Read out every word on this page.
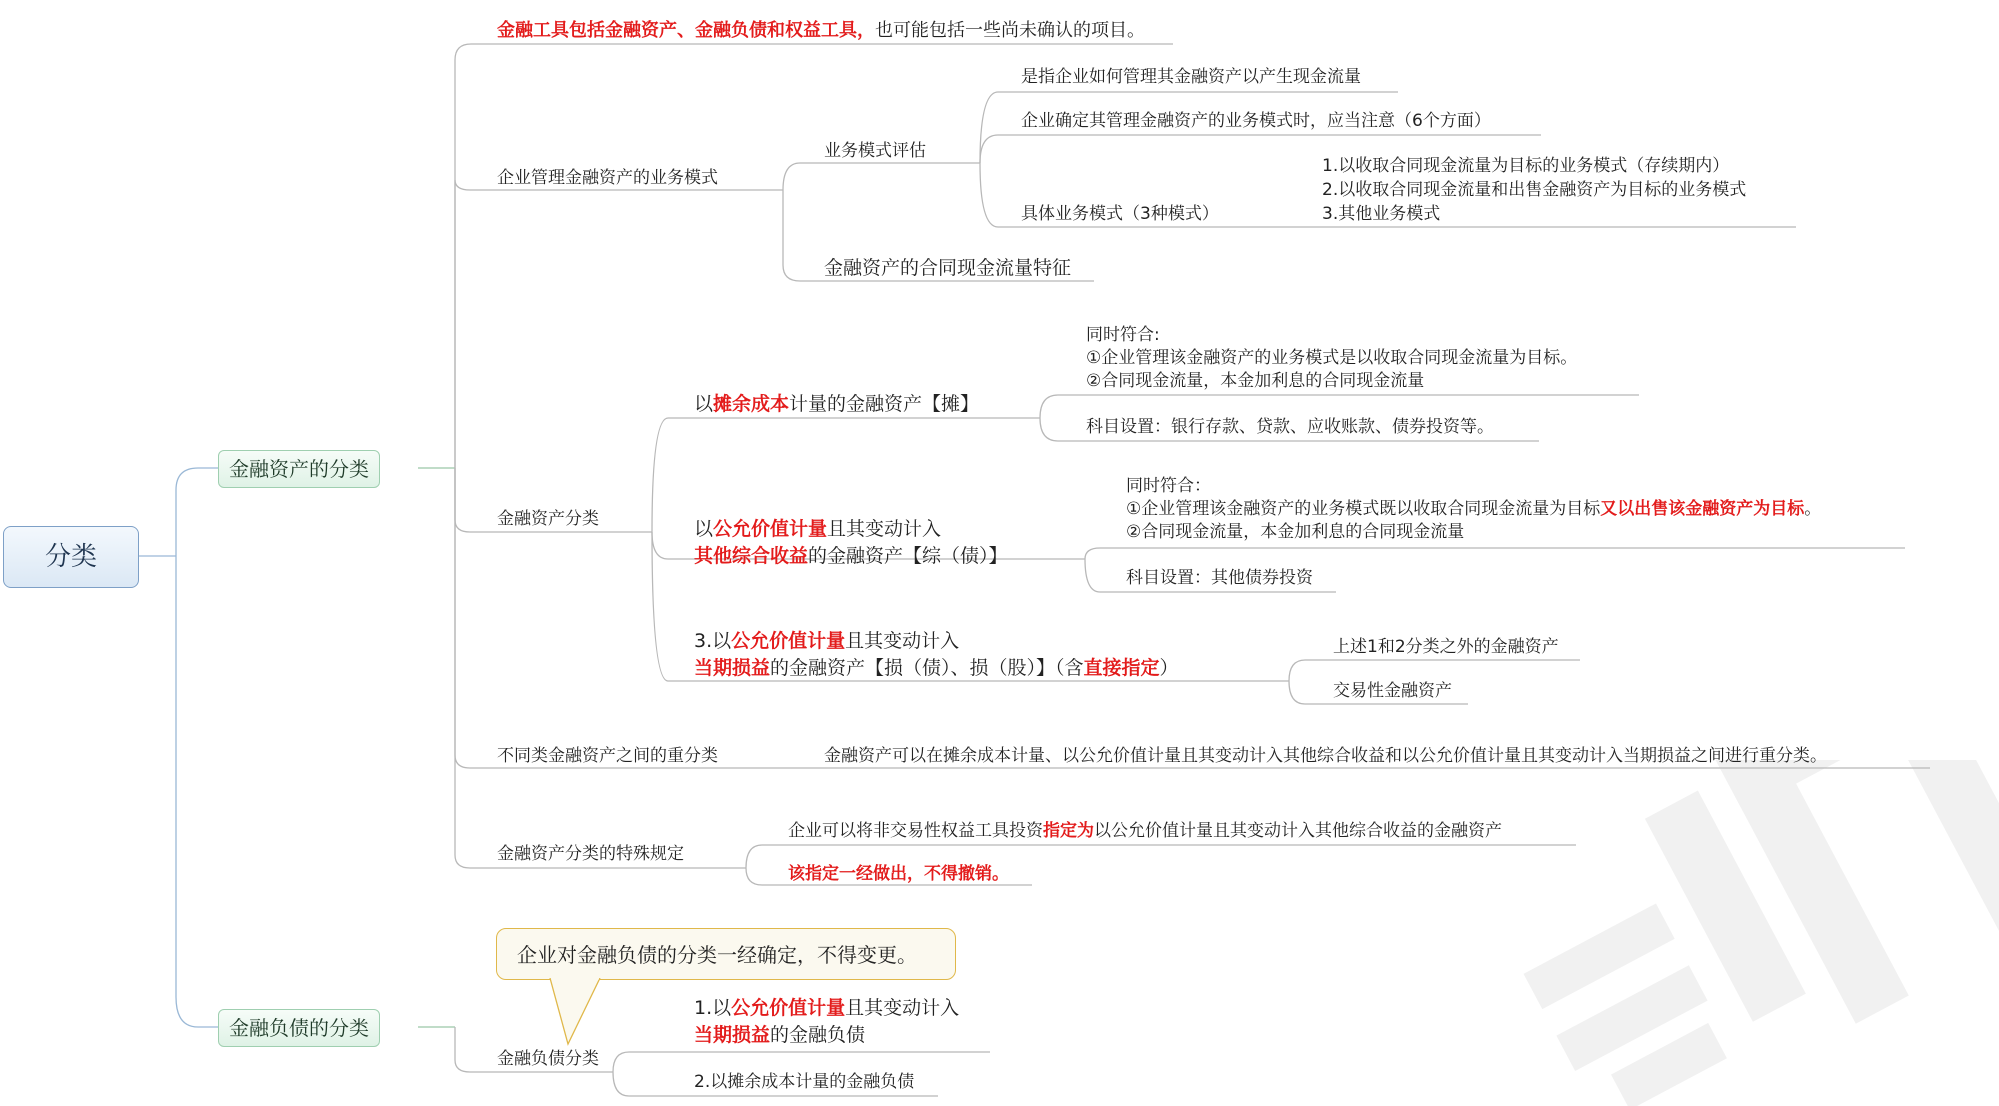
分类
金融资产的分类
金融负债的分类
金融工具包括金融资产、金融负债和权益工具，也可能包括一些尚未确认的项目。
企业管理金融资产的业务模式
业务模式评估
是指企业如何管理其金融资产以产生现金流量
企业确定其管理金融资产的业务模式时，应当注意（6个方面）
具体业务模式（3种模式）
1.以收取合同现金流量为目标的业务模式（存续期内）
2.以收取合同现金流量和出售金融资产为目标的业务模式
3.其他业务模式
金融资产的合同现金流量特征
金融资产分类
以摊余成本计量的金融资产【摊】
同时符合:
①企业管理该金融资产的业务模式是以收取合同现金流量为目标。
②合同现金流量，本金加利息的合同现金流量
科目设置：银行存款、贷款、应收账款、债券投资等。
以公允价值计量且其变动计入
其他综合收益的金融资产【综（债）】
同时符合：
①企业管理该金融资产的业务模式既以收取合同现金流量为目标又以出售该金融资产为目标。
②合同现金流量，本金加利息的合同现金流量
科目设置：其他债券投资
3.以公允价值计量且其变动计入
当期损益的金融资产【损（债）、损（股）】（含直接指定）
上述1和2分类之外的金融资产
交易性金融资产
不同类金融资产之间的重分类	金融资产可以在摊余成本计量、以公允价值计量且其变动计入其他综合收益和以公允价值计量且其变动计入当期损益之间进行重分类。
金融资产分类的特殊规定
企业可以将非交易性权益工具投资指定为以公允价值计量且其变动计入其他综合收益的金融资产
该指定一经做出，不得撤销。
企业对金融负债的分类一经确定，不得变更。
金融负债分类
1.以公允价值计量且其变动计入
当期损益的金融负债
2.以摊余成本计量的金融负债
